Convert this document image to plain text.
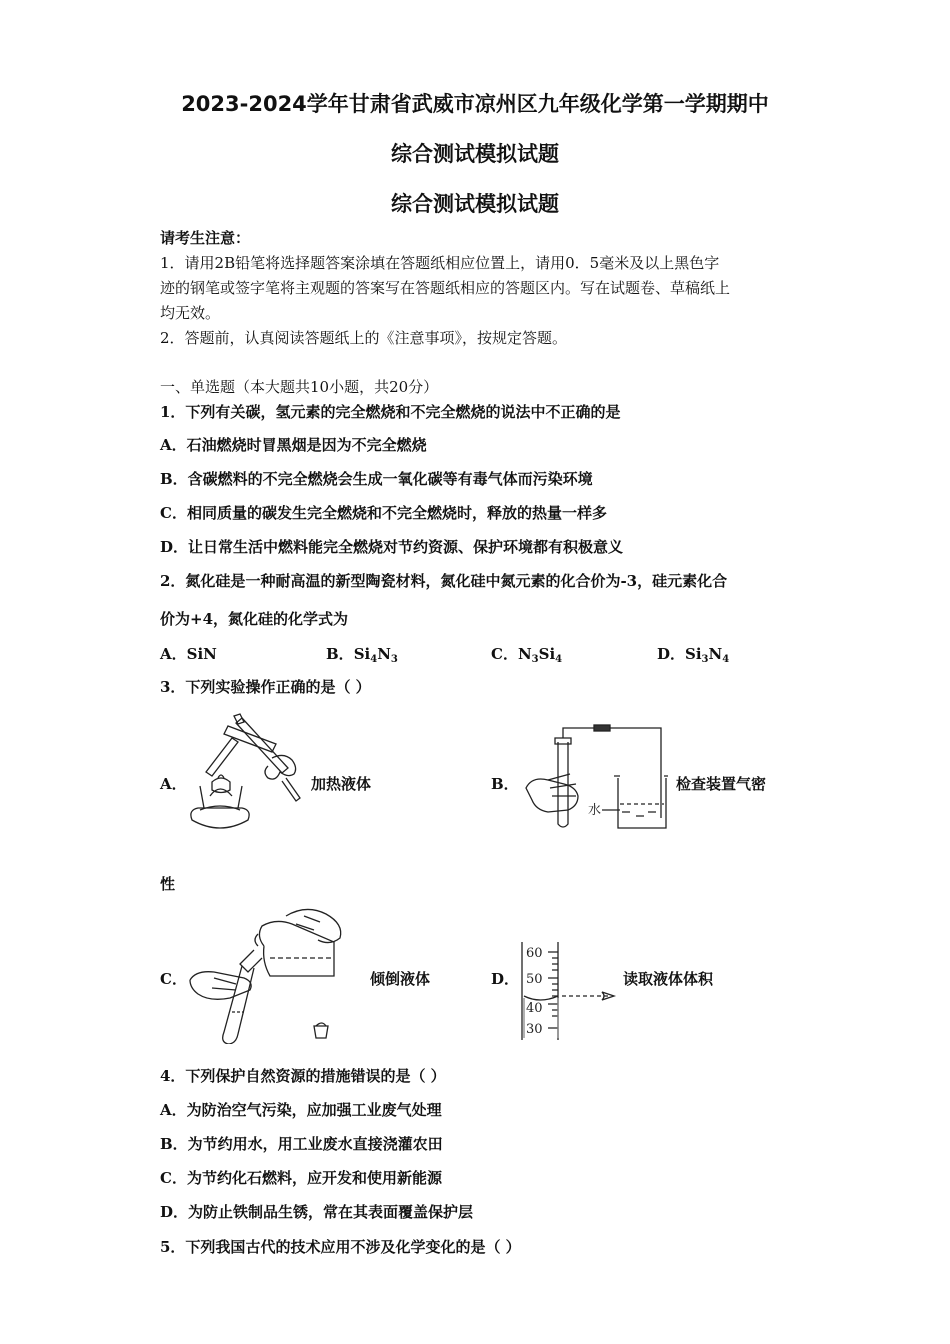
2023-2024学年甘肃省武威市凉州区九年级化学第一学期期中
综合测试模拟试题
综合测试模拟试题
请考生注意：
1．请用2B铅笔将选择题答案涂填在答题纸相应位置上，请用0．5毫米及以上黑色字
迹的钢笔或签字笔将主观题的答案写在答题纸相应的答题区内。写在试题卷、草稿纸上
均无效。
2．答题前，认真阅读答题纸上的《注意事项》，按规定答题。
一、单选题（本大题共10小题，共20分）
1．下列有关碳，氢元素的完全燃烧和不完全燃烧的说法中不正确的是
A．石油燃烧时冒黑烟是因为不完全燃烧
B．含碳燃料的不完全燃烧会生成一氧化碳等有毒气体而污染环境
C．相同质量的碳发生完全燃烧和不完全燃烧时，释放的热量一样多
D．让日常生活中燃料能完全燃烧对节约资源、保护环境都有积极意义
2．氮化硅是一种耐高温的新型陶瓷材料，氮化硅中氮元素的化合价为-3，硅元素化合
价为+4，氮化硅的化学式为
A．SiN	B．$Si_4N_3$	C．$N_3Si_4$	D．$Si_3N_4$
3．下列实验操作正确的是（ ）
A．	加热液体	B．
水
检查装置气密
性
C．	倾倒液体	D．
60
50
40
30
读取液体体积
4．下列保护自然资源的措施错误的是（ ）
A．为防治空气污染，应加强工业废气处理
B．为节约用水，用工业废水直接浇灌农田
C．为节约化石燃料，应开发和使用新能源
D．为防止铁制品生锈，常在其表面覆盖保护层
5．下列我国古代的技术应用不涉及化学变化的是（ ）
